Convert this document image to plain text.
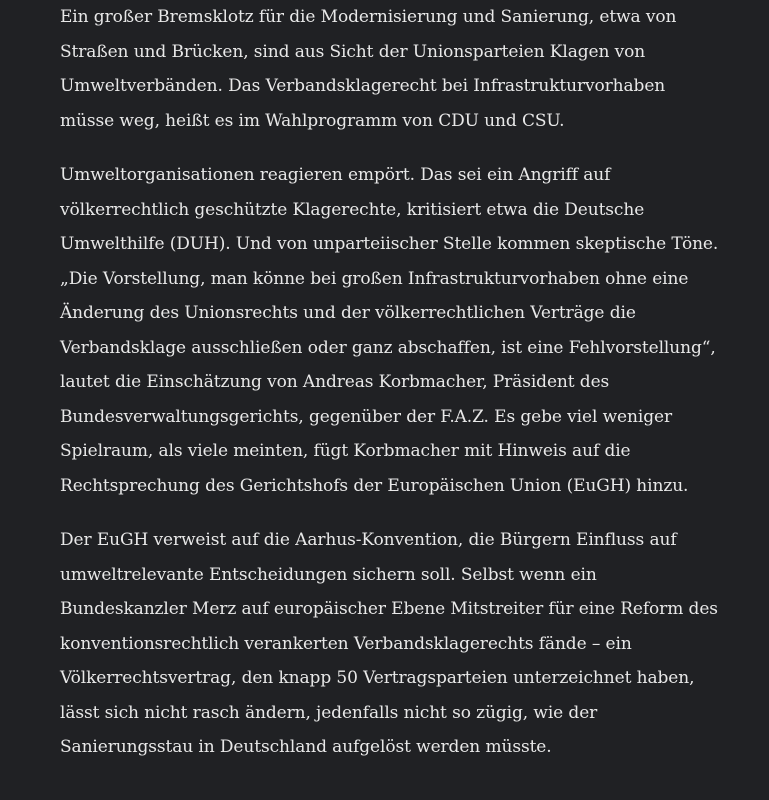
Ein großer Bremsklotz für die Modernisierung und Sanierung, etwa von
Straßen und Brücken, sind aus Sicht der Unionsparteien Klagen von
Umweltverbänden. Das Verbandsklagerecht bei Infrastrukturvorhaben
müsse weg, heißt es im Wahlprogramm von CDU und CSU.

Umweltorganisationen reagieren empört. Das sei ein Angriff auf
völkerrechtlich geschützte Klagerechte, kritisiert etwa die Deutsche
Umwelthilfe (DUH). Und von unparteiischer Stelle kommen skeptische Töne.
„Die Vorstellung, man könne bei großen Infrastrukturvorhaben ohne eine
Änderung des Unionsrechts und der völkerrechtlichen Verträge die
Verbandsklage ausschließen oder ganz abschaffen, ist eine Fehlvorstellung“,
lautet die Einschätzung von Andreas Korbmacher, Präsident des
Bundesverwaltungsgerichts, gegenüber der F.A.Z. Es gebe viel weniger
Spielraum, als viele meinten, fügt Korbmacher mit Hinweis auf die
Rechtsprechung des Gerichtshofs der Europäischen Union (EuGH) hinzu.

Der EuGH verweist auf die Aarhus-Konvention, die Bürgern Einfluss auf
umweltrelevante Entscheidungen sichern soll. Selbst wenn ein
Bundeskanzler Merz auf europäischer Ebene Mitstreiter für eine Reform des
konventionsrechtlich verankerten Verbandsklagerechts fände – ein
Völkerrechtsvertrag, den knapp 50 Vertragsparteien unterzeichnet haben,
lässt sich nicht rasch ändern, jedenfalls nicht so zügig, wie der
Sanierungsstau in Deutschland aufgelöst werden müsste.
